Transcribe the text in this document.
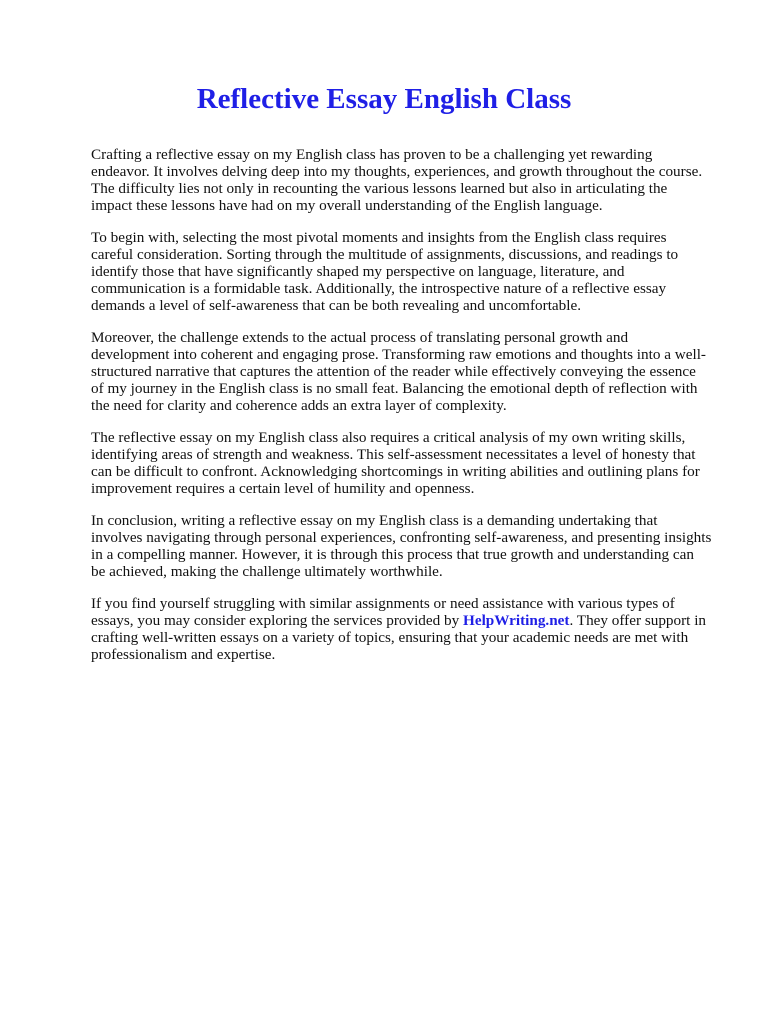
Reflective Essay English Class

Crafting a reflective essay on my English class has proven to be a challenging yet rewarding
endeavor. It involves delving deep into my thoughts, experiences, and growth throughout the course.
The difficulty lies not only in recounting the various lessons learned but also in articulating the
impact these lessons have had on my overall understanding of the English language.

To begin with, selecting the most pivotal moments and insights from the English class requires
careful consideration. Sorting through the multitude of assignments, discussions, and readings to
identify those that have significantly shaped my perspective on language, literature, and
communication is a formidable task. Additionally, the introspective nature of a reflective essay
demands a level of self-awareness that can be both revealing and uncomfortable.

Moreover, the challenge extends to the actual process of translating personal growth and
development into coherent and engaging prose. Transforming raw emotions and thoughts into a well-
structured narrative that captures the attention of the reader while effectively conveying the essence
of my journey in the English class is no small feat. Balancing the emotional depth of reflection with
the need for clarity and coherence adds an extra layer of complexity.

The reflective essay on my English class also requires a critical analysis of my own writing skills,
identifying areas of strength and weakness. This self-assessment necessitates a level of honesty that
can be difficult to confront. Acknowledging shortcomings in writing abilities and outlining plans for
improvement requires a certain level of humility and openness.

In conclusion, writing a reflective essay on my English class is a demanding undertaking that
involves navigating through personal experiences, confronting self-awareness, and presenting insights
in a compelling manner. However, it is through this process that true growth and understanding can
be achieved, making the challenge ultimately worthwhile.

If you find yourself struggling with similar assignments or need assistance with various types of
essays, you may consider exploring the services provided by HelpWriting.net. They offer support in
crafting well-written essays on a variety of topics, ensuring that your academic needs are met with
professionalism and expertise.
